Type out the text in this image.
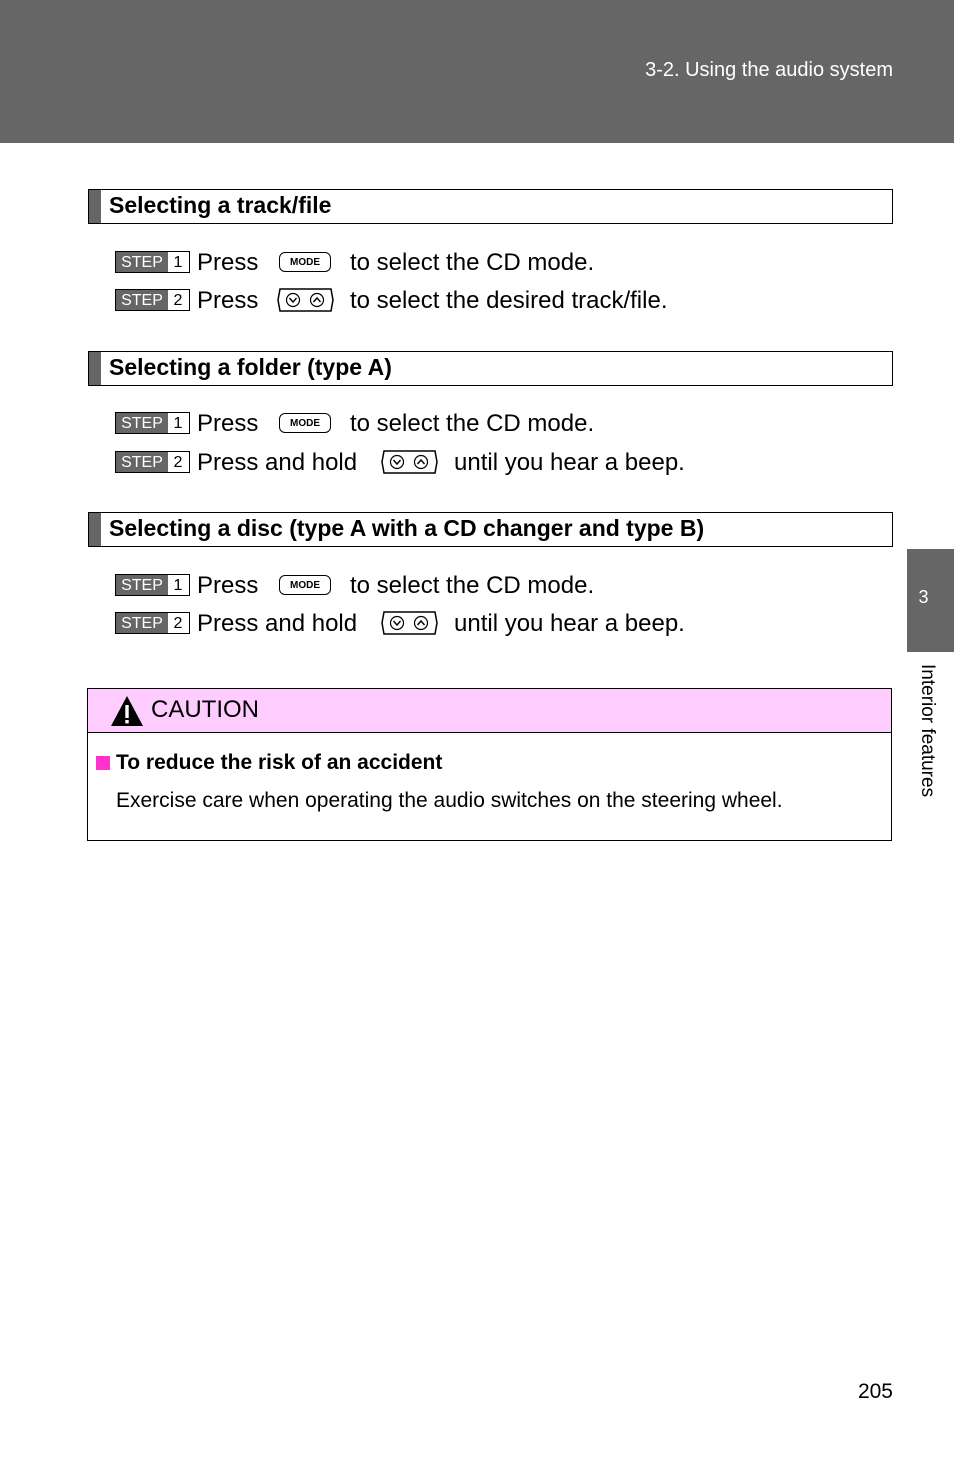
3-2. Using the audio system
3
Interior features
Selecting a track/file
STEP 1 Press	MODE	to select the CD mode.
STEP 2 Press	to select the desired track/file.
Selecting a folder (type A)
STEP 1 Press	MODE	to select the CD mode.
STEP 2 Press and hold	until you hear a beep.
Selecting a disc (type A with a CD changer and type B)
STEP 1 Press	MODE	to select the CD mode.
STEP 2 Press and hold	until you hear a beep.
CAUTION
To reduce the risk of an accident
Exercise care when operating the audio switches on the steering wheel.
205
